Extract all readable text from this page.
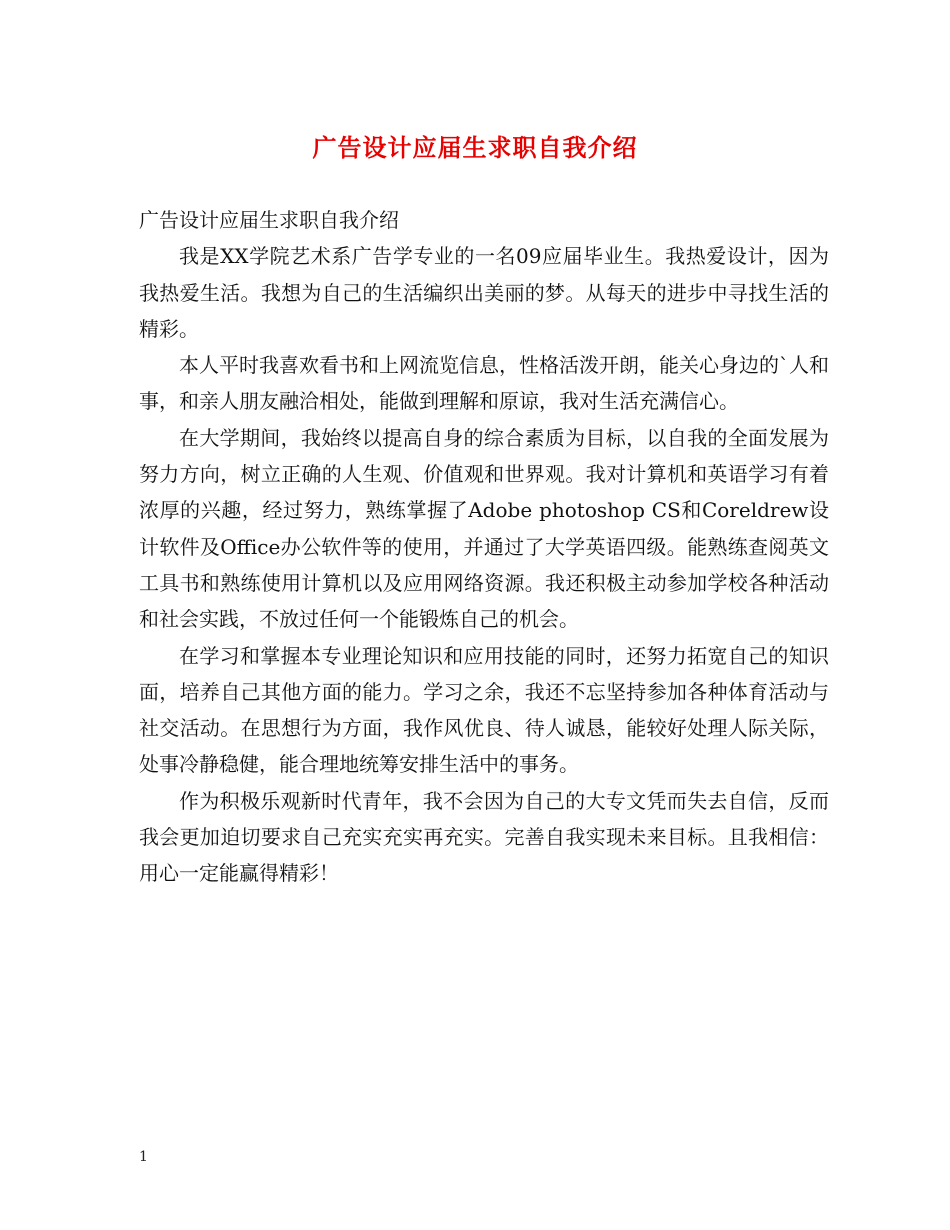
广告设计应届生求职自我介绍

广告设计应届生求职自我介绍

我是XX学院艺术系广告学专业的一名09应届毕业生。我热爱设计，因为我热爱生活。我想为自己的生活编织出美丽的梦。从每天的进步中寻找生活的精彩。

本人平时我喜欢看书和上网流览信息，性格活泼开朗，能关心身边的`人和事，和亲人朋友融洽相处，能做到理解和原谅，我对生活充满信心。

在大学期间，我始终以提高自身的综合素质为目标，以自我的全面发展为努力方向，树立正确的人生观、价值观和世界观。我对计算机和英语学习有着浓厚的兴趣，经过努力，熟练掌握了Adobe photoshop CS和Coreldrew设计软件及Office办公软件等的使用，并通过了大学英语四级。能熟练查阅英文工具书和熟练使用计算机以及应用网络资源。我还积极主动参加学校各种活动和社会实践，不放过任何一个能锻炼自己的机会。

在学习和掌握本专业理论知识和应用技能的同时，还努力拓宽自己的知识面，培养自己其他方面的能力。学习之余，我还不忘坚持参加各种体育活动与社交活动。在思想行为方面，我作风优良、待人诚恳，能较好处理人际关际，处事冷静稳健，能合理地统筹安排生活中的事务。

作为积极乐观新时代青年，我不会因为自己的大专文凭而失去自信，反而我会更加迫切要求自己充实充实再充实。完善自我实现未来目标。且我相信：用心一定能赢得精彩！

1
